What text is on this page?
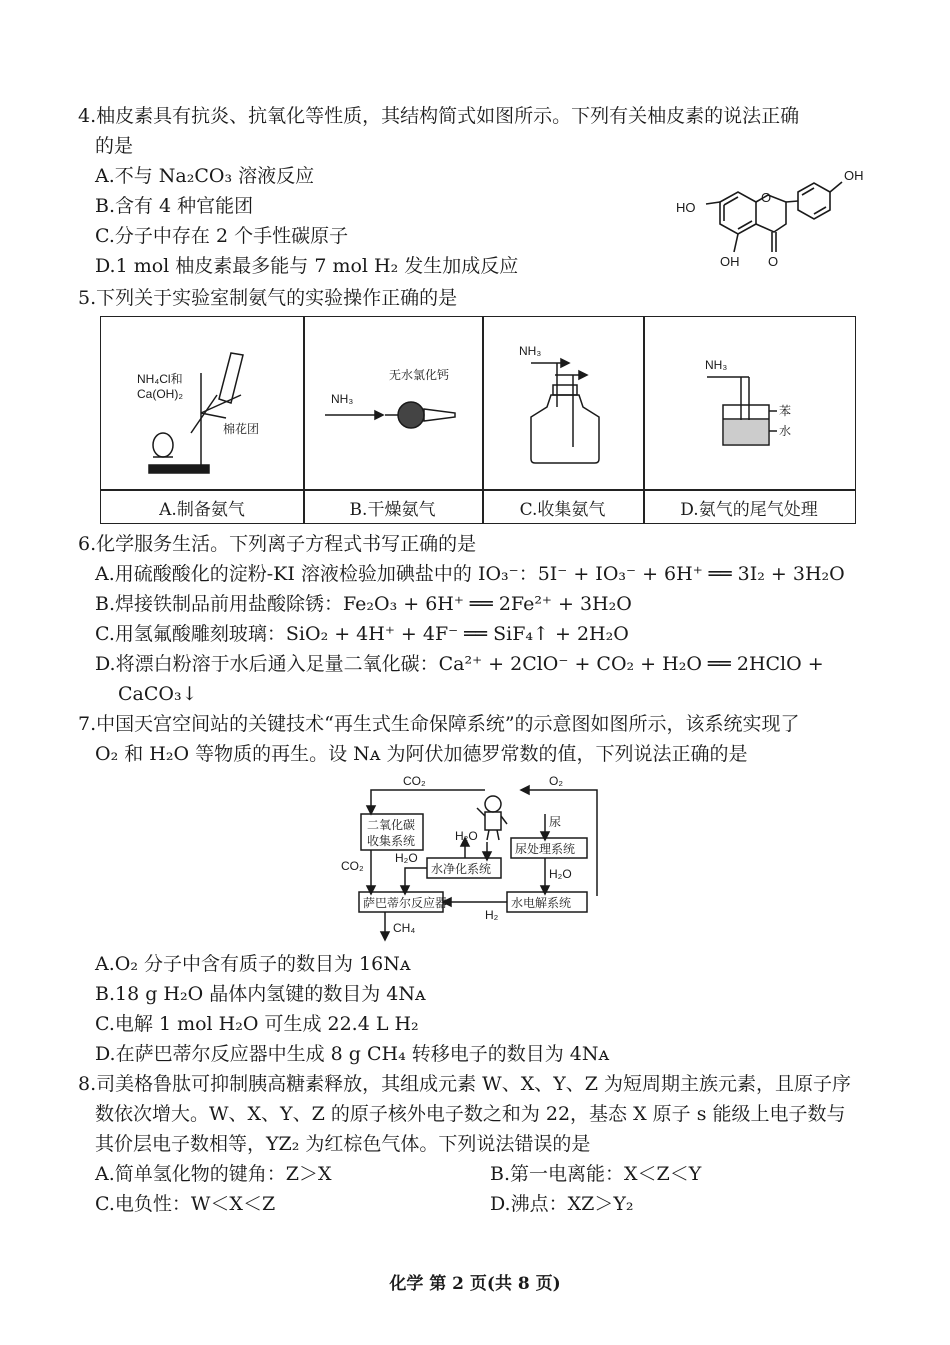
4.柚皮素具有抗炎、抗氧化等性质，其结构简式如图所示。下列有关柚皮素的说法正确
的是
A.不与 Na₂CO₃ 溶液反应
B.含有 4 种官能团
C.分子中存在 2 个手性碳原子
D.1 mol 柚皮素最多能与 7 mol H₂ 发生加成反应
OH
HO
OH
O
O
5.下列关于实验室制氨气的实验操作正确的是
NH₄Cl和
Ca(OH)₂
棉花团
A.制备氨气
NH₃
无水氯化钙
B.干燥氨气
NH₃
C.收集氨气
NH₃
苯
水
D.氨气的尾气处理
6.化学服务生活。下列离子方程式书写正确的是
A.用硫酸酸化的淀粉-KI 溶液检验加碘盐中的 IO₃⁻：5I⁻ + IO₃⁻ + 6H⁺ ══ 3I₂ + 3H₂O
B.焊接铁制品前用盐酸除锈：Fe₂O₃ + 6H⁺ ══ 2Fe²⁺ + 3H₂O
C.用氢氟酸雕刻玻璃：SiO₂ + 4H⁺ + 4F⁻ ══ SiF₄↑ + 2H₂O
D.将漂白粉溶于水后通入足量二氧化碳：Ca²⁺ + 2ClO⁻ + CO₂ + H₂O ══ 2HClO +
CaCO₃↓
7.中国天宫空间站的关键技术“再生式生命保障系统”的示意图如图所示，该系统实现了
O₂ 和 H₂O 等物质的再生。设 Nᴀ 为阿伏加德罗常数的值，下列说法正确的是
CO₂	O₂
二氧化碳
收集系统	H₂O
尿
尿处理系统
CO₂
H₂O
水净化系统	H₂O
萨巴蒂尔反应器
H₂
水电解系统
CH₄
A.O₂ 分子中含有质子的数目为 16Nᴀ
B.18 g H₂O 晶体内氢键的数目为 4Nᴀ
C.电解 1 mol H₂O 可生成 22.4 L H₂
D.在萨巴蒂尔反应器中生成 8 g CH₄ 转移电子的数目为 4Nᴀ
8.司美格鲁肽可抑制胰高糖素释放，其组成元素 W、X、Y、Z 为短周期主族元素，且原子序
数依次增大。W、X、Y、Z 的原子核外电子数之和为 22，基态 X 原子 s 能级上电子数与
其价层电子数相等，YZ₂ 为红棕色气体。下列说法错误的是
A.简单氢化物的键角：Z＞X	B.第一电离能：X＜Z＜Y
C.电负性：W＜X＜Z	D.沸点：XZ＞Y₂
化学 第 2 页(共 8 页)
